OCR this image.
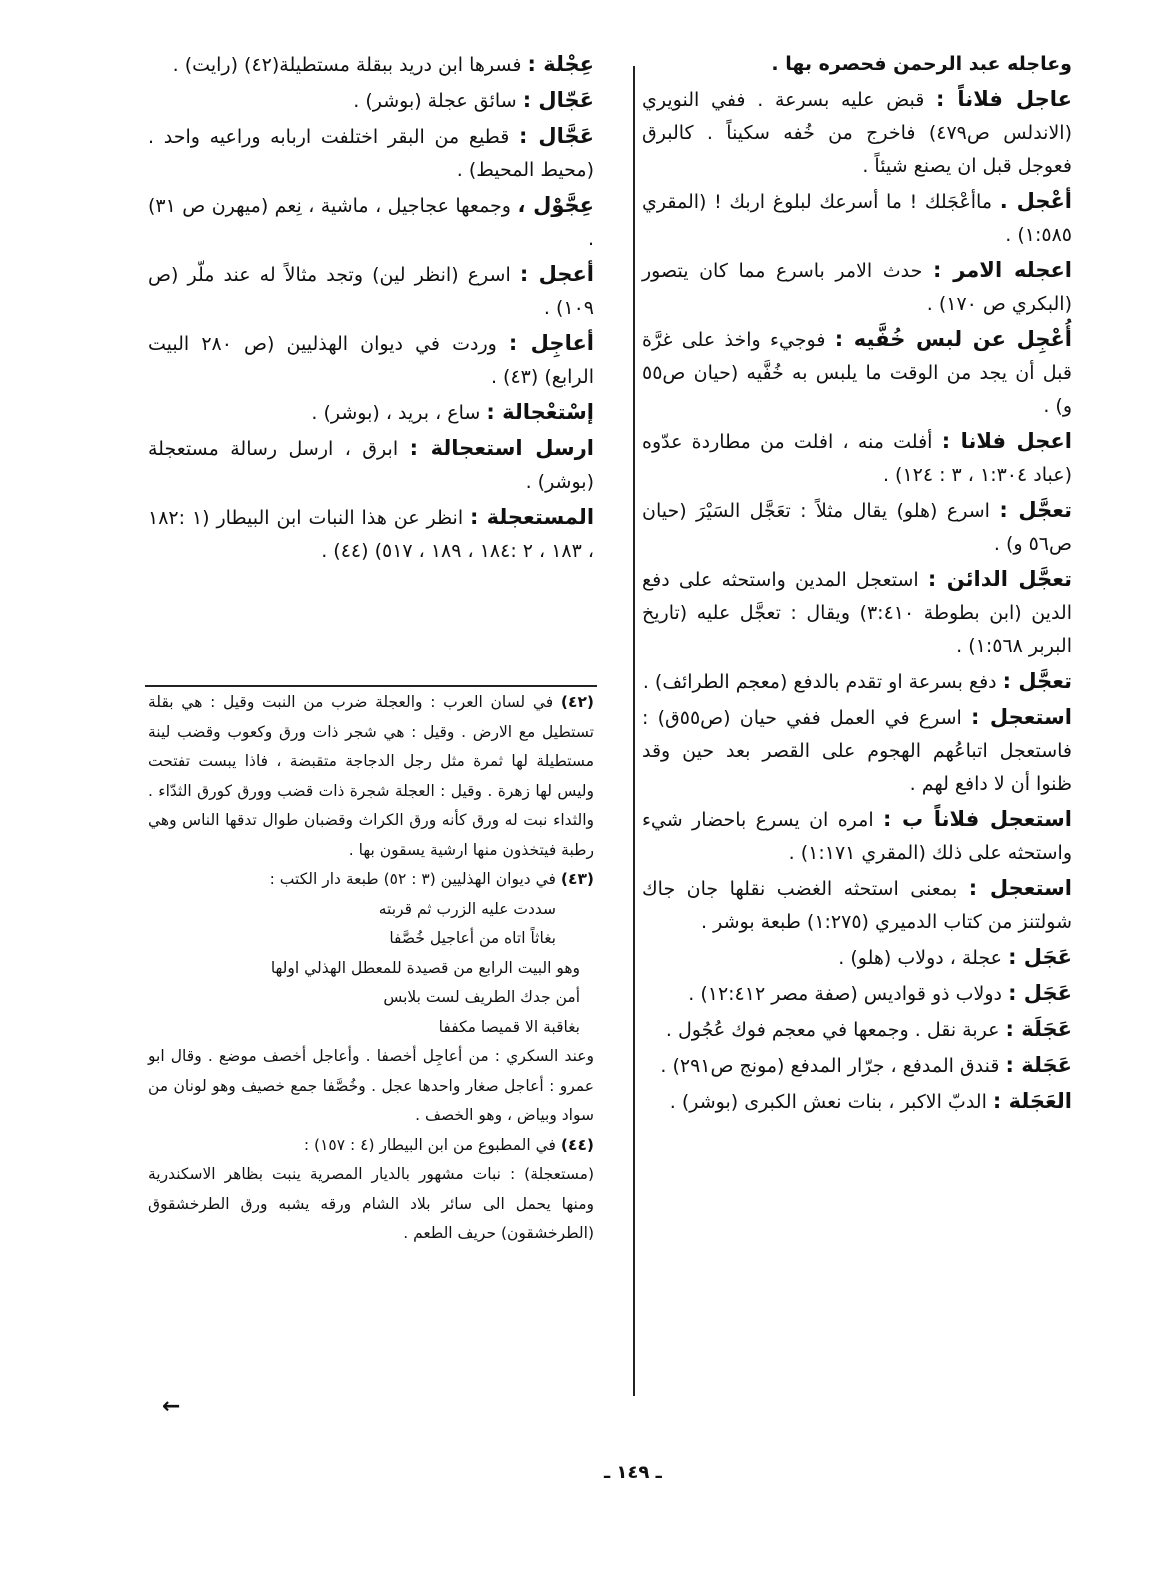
وعاجله عبد الرحمن فحصره بها .

عاجل فلاناً : قبض عليه بسرعة . ففي النويري (الاندلس ص٤٧٩) فاخرج من خُفه سكيناً . كالبرق فعوجل قبل ان يصنع شيئاً .

أعْجل . ماأعْجَلك ! ما أسرعك لبلوغ اربك ! (المقري ١:٥٨٥) .

اعجله الامر : حدث الامر باسرع مما كان يتصور (البكري ص ١٧٠) .

أُعْجِل عن لبس خُفَّيه : فوجيء واخذ على غرَّة قبل أن يجد من الوقت ما يلبس به خُفَّيه (حيان ص٥٥ و) .

اعجل فلانا : أفلت منه ، افلت من مطاردة عدّوه (عباد ١:٣٠٤ ، ٣ : ١٢٤) .

تعجَّل : اسرع (هلو) يقال مثلاً : تعَجَّل السَيْرَ (حيان ص٥٦ و) .

تعجَّل الدائن : استعجل المدين واستحثه على دفع الدين (ابن بطوطة ٣:٤١٠) ويقال : تعجَّل عليه (تاريخ البربر ١:٥٦٨) .

تعجَّل : دفع بسرعة او تقدم بالدفع (معجم الطرائف) .

استعجل : اسرع في العمل ففي حيان (ص٥٥ق) : فاستعجل اتباعُهم الهجوم على القصر بعد حين وقد ظنوا أن لا دافع لهم .

استعجل فلاناً ب : امره ان يسرع باحضار شيء واستحثه على ذلك (المقري ١:١٧١) .

استعجل : بمعنى استحثه الغضب نقلها جان جاك شولتنز من كتاب الدميري (١:٢٧٥) طبعة بوشر .

عَجَل : عجلة ، دولاب (هلو) .

عَجَل : دولاب ذو قواديس (صفة مصر ١٢:٤١٢) .

عَجَلَة : عربة نقل . وجمعها في معجم فوك عُجُول .

عَجَلة : قندق المدفع ، جرّار المدفع (مونج ص٢٩١) .

العَجَلة : الدبّ الاكبر ، بنات نعش الكبرى (بوشر) .

عِجْلة : فسرها ابن دريد ببقلة مستطيلة(٤٢) (رايت) .

عَجّال : سائق عجلة (بوشر) .

عَجَّال : قطيع من البقر اختلفت اربابه وراعيه واحد . (محيط المحيط) .

عِجَّوْل ، وجمعها عجاجيل ، ماشية ، نِعم (ميهرن ص ٣١) .

أعجل : اسرع (انظر لين) وتجد مثالاً له عند ملّر (ص ١٠٩) .

أعاجِل : وردت في ديوان الهذليين (ص ٢٨٠ البيت الرابع) (٤٣) .

إسْتعْجالة : ساع ، بريد ، (بوشر) .

ارسل استعجالة : ابرق ، ارسل رسالة مستعجلة (بوشر) .

المستعجلة : انظر عن هذا النبات ابن البيطار (١ :١٨٢ ، ١٨٣ ، ٢ :١٨٤ ، ١٨٩ ، ٥١٧) (٤٤) .

(٤٢) في لسان العرب : والعجلة ضرب من النبت وقيل : هي بقلة تستطيل مع الارض . وقيل : هي شجر ذات ورق وكعوب وقضب لينة مستطيلة لها ثمرة مثل رجل الدجاجة متقبضة ، فاذا يبست تفتحت وليس لها زهرة . وقيل : العجلة شجرة ذات قضب وورق كورق الثدّاء . والثداء نبت له ورق كأنه ورق الكراث وقضبان طوال تدقها الناس وهي رطبة فيتخذون منها ارشية يسقون بها .

(٤٣) في ديوان الهذليين (٣ : ٥٢) طبعة دار الكتب :

سددت عليه الزرب ثم قربته

بغاثاً اتاه من أعاجيل خُصَّفا

وهو البيت الرابع من قصيدة للمعطل الهذلي اولها

أمن جدك الطريف لست بلابس

بغاقبة الا قميصا مكففا

وعند السكري : من أعاجِل أخصفا . وأعاجل أخصف موضع . وقال ابو عمرو : أعاجل صغار واحدها عجل . وخُصَّفا جمع خصيف وهو لونان من سواد وبياض ، وهو الخصف .

(٤٤) في المطبوع من ابن البيطار (٤ : ١٥٧) :

(مستعجلة) : نبات مشهور بالديار المصرية ينبت بظاهر الاسكندرية ومنها يحمل الى سائر بلاد الشام ورقه يشبه ورق الطرخشقوق (الطرخشقون) حريف الطعم .

←
ـ ١٤٩ ـ
